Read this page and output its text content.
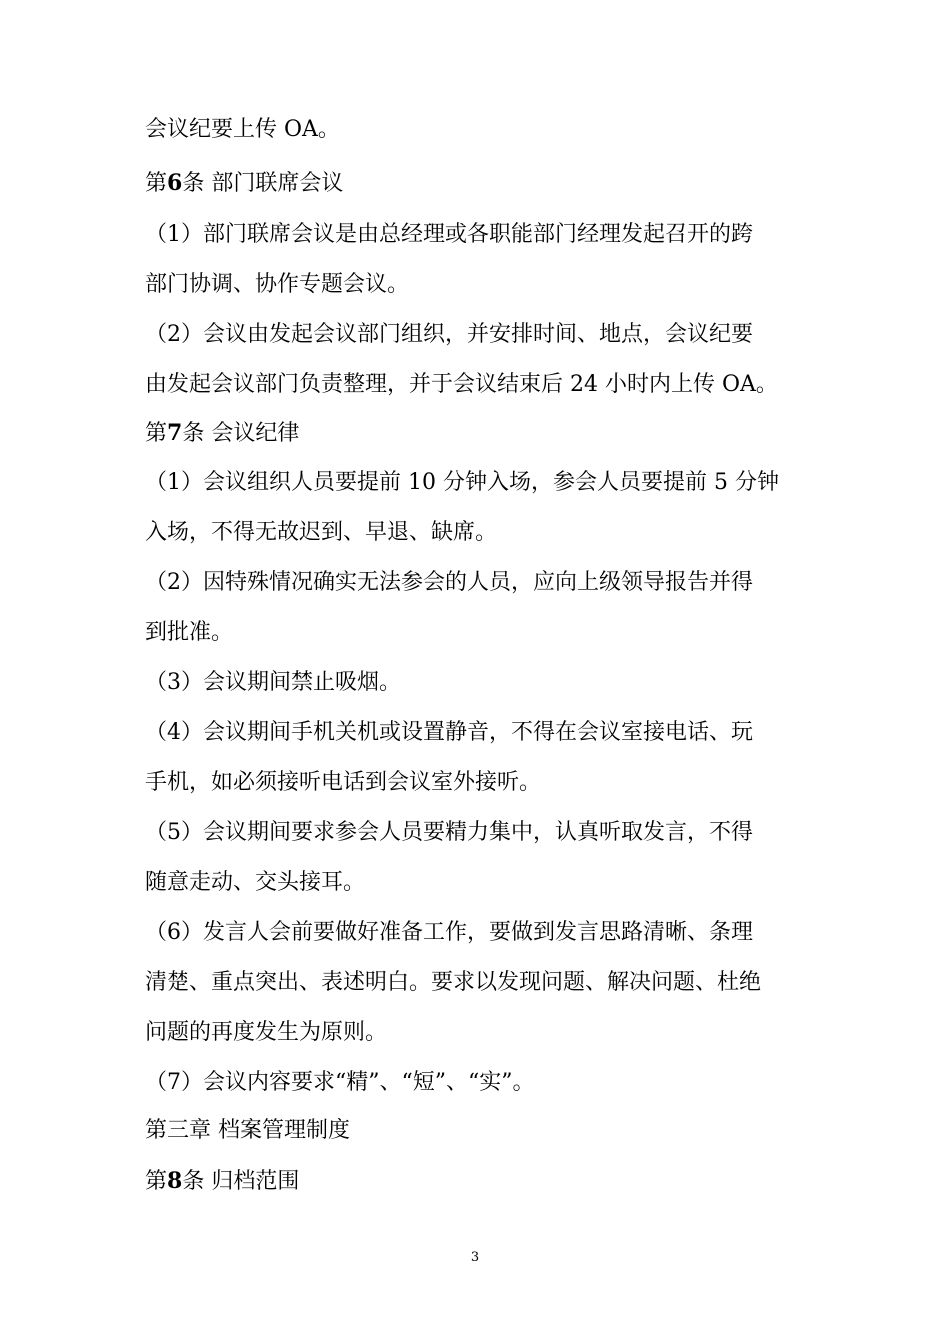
会议纪要上传 OA。
第6条 部门联席会议
（1）部门联席会议是由总经理或各职能部门经理发起召开的跨
部门协调、协作专题会议。
（2）会议由发起会议部门组织，并安排时间、地点，会议纪要
由发起会议部门负责整理，并于会议结束后 24 小时内上传 OA。
第7条 会议纪律
（1）会议组织人员要提前 10 分钟入场，参会人员要提前 5 分钟
入场，不得无故迟到、早退、缺席。
（2）因特殊情况确实无法参会的人员，应向上级领导报告并得
到批准。
（3）会议期间禁止吸烟。
（4）会议期间手机关机或设置静音，不得在会议室接电话、玩
手机，如必须接听电话到会议室外接听。
（5）会议期间要求参会人员要精力集中，认真听取发言，不得
随意走动、交头接耳。
（6）发言人会前要做好准备工作，要做到发言思路清晰、条理
清楚、重点突出、表述明白。要求以发现问题、解决问题、杜绝
问题的再度发生为原则。
（7）会议内容要求“精”、“短”、“实”。
第三章 档案管理制度
第8条 归档范围
3
